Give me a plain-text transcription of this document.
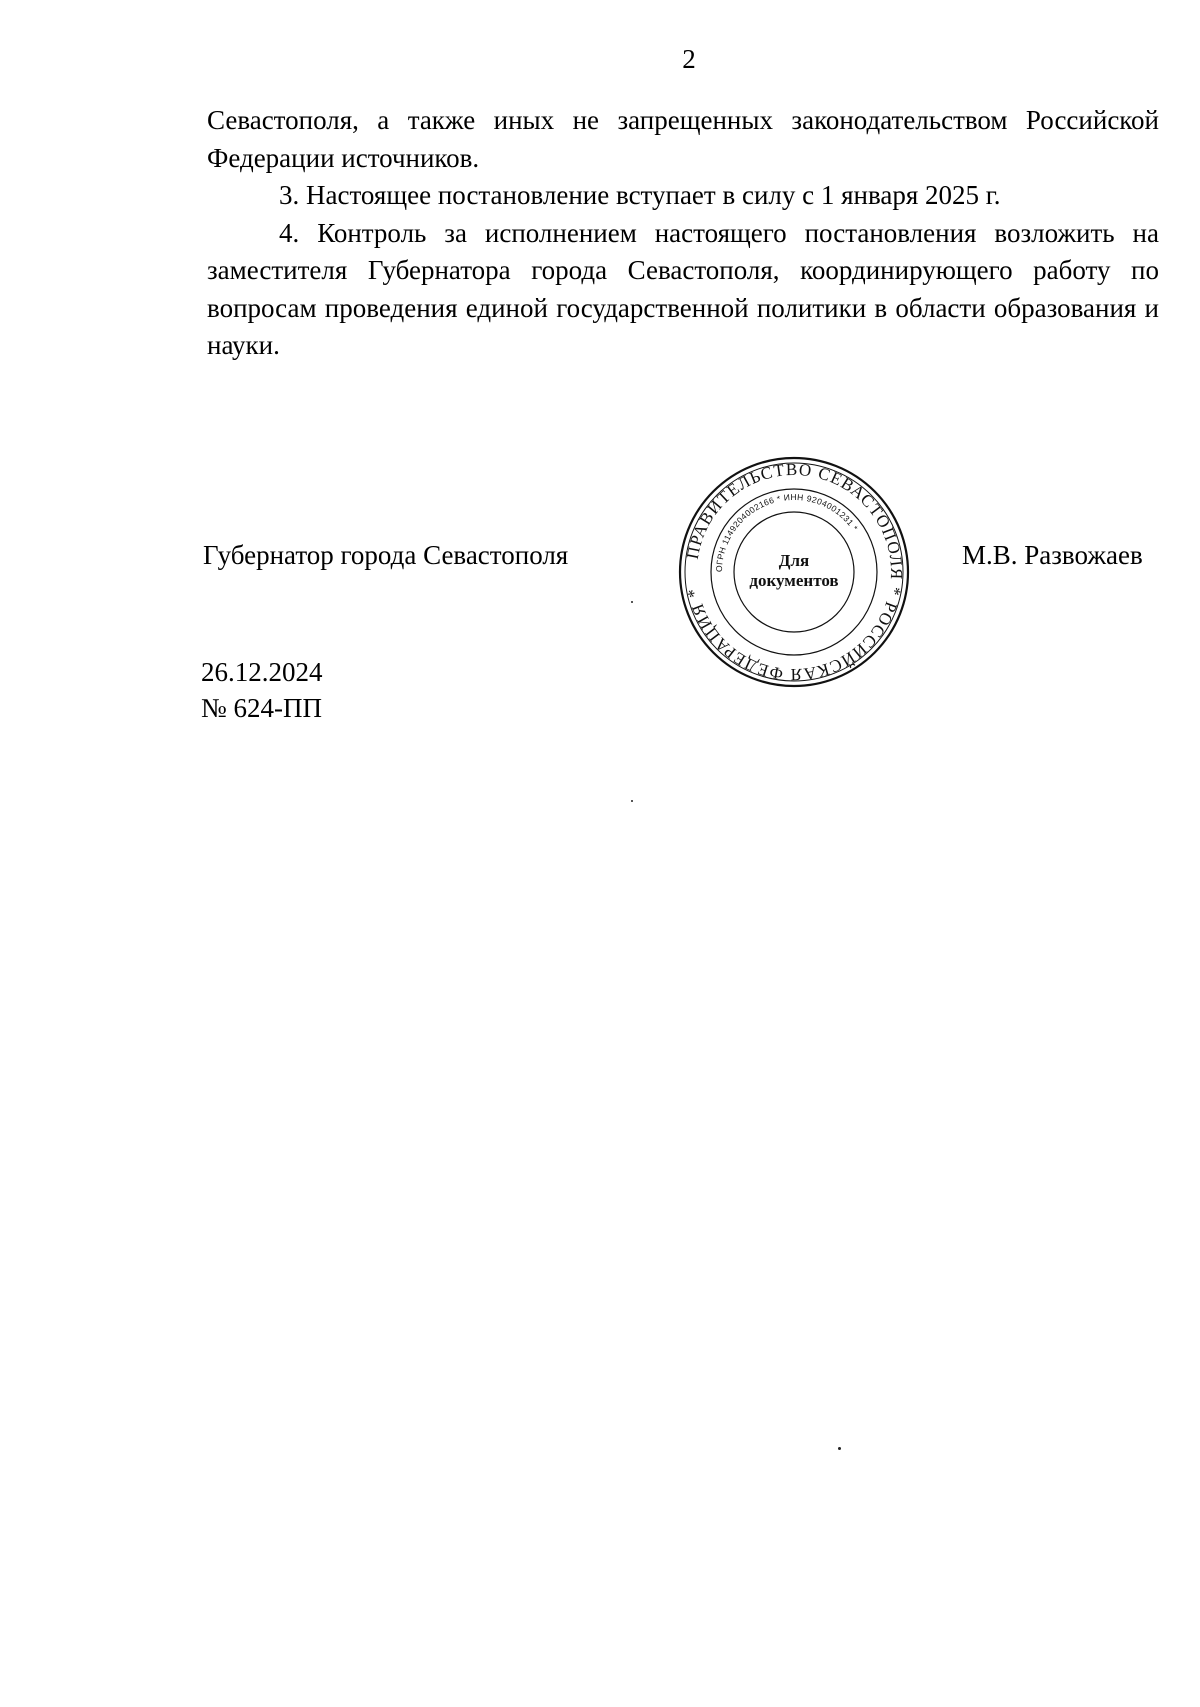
2

Севастополя, а также иных не запрещенных законодательством Российской Федерации источников.

3. Настоящее постановление вступает в силу с 1 января 2025 г.

4. Контроль за исполнением настоящего постановления возложить на заместителя Губернатора города Севастополя, координирующего работу по вопросам проведения единой государственной политики в области образования и науки.

Губернатор города Севастополя	ПРАВИТЕЛЬСТВО СЕВАСТОПОЛЯ * РОССИЙСКАЯ ФЕДЕРАЦИЯ *
ОГРН 1149204002166 * ИНН 9204001231 *
Для
документов
М.В. Развожаев
26.12.2024
№ 624-ПП
